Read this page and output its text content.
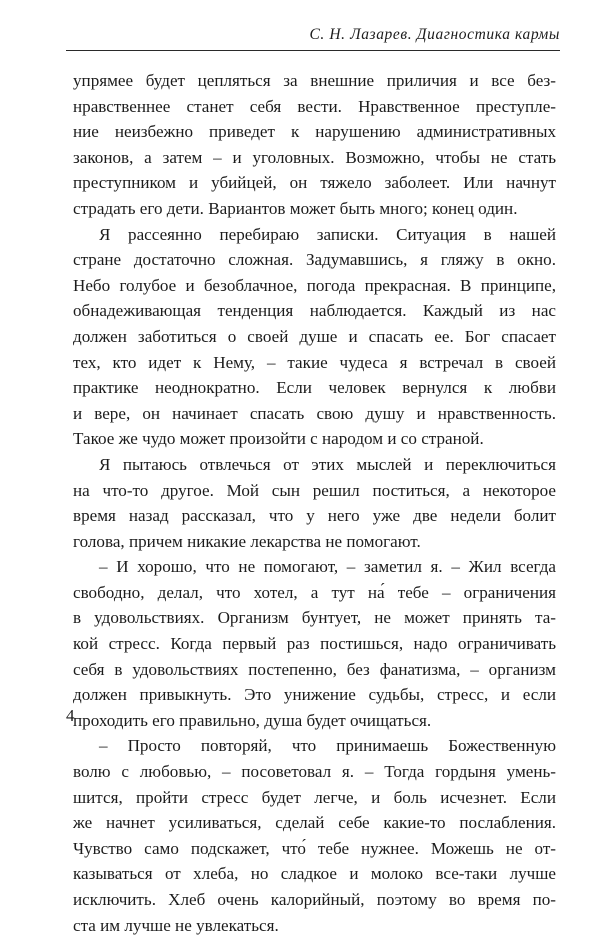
С. Н. Лазарев. Диагностика кармы
упрямее будет цепляться за внешние приличия и все без-
нравственнее станет себя вести. Нравственное преступле-
ние неизбежно приведет к нарушению административных
законов, а затем – и уголовных. Возможно, чтобы не стать
преступником и убийцей, он тяжело заболеет. Или начнут
страдать его дети. Вариантов может быть много; конец один.
Я рассеянно перебираю записки. Ситуация в нашей
стране достаточно сложная. Задумавшись, я гляжу в окно.
Небо голубое и безоблачное, погода прекрасная. В принципе,
обнадеживающая тенденция наблюдается. Каждый из нас
должен заботиться о своей душе и спасать ее. Бог спасает
тех, кто идет к Нему, – такие чудеса я встречал в своей
практике неоднократно. Если человек вернулся к любви
и вере, он начинает спасать свою душу и нравственность.
Такое же чудо может произойти с народом и со страной.
Я пытаюсь отвлечься от этих мыслей и переключиться
на что-то другое. Мой сын решил поститься, а некоторое
время назад рассказал, что у него уже две недели болит
голова, причем никакие лекарства не помогают.
– И хорошо, что не помогают, – заметил я. – Жил всегда
свободно, делал, что хотел, а тут на́ тебе – ограничения
в удовольствиях. Организм бунтует, не может принять та-
кой стресс. Когда первый раз постишься, надо ограничивать
себя в удовольствиях постепенно, без фанатизма, – организм
должен привыкнуть. Это унижение судьбы, стресс, и если
проходить его правильно, душа будет очищаться.
– Просто повторяй, что принимаешь Божественную
волю с любовью, – посоветовал я. – Тогда гордыня умень-
шится, пройти стресс будет легче, и боль исчезнет. Если
же начнет усиливаться, сделай себе какие-то послабления.
Чувство само подскажет, что́ тебе нужнее. Можешь не от-
казываться от хлеба, но сладкое и молоко все-таки лучше
исключить. Хлеб очень калорийный, поэтому во время по-
ста им лучше не увлекаться.
4
